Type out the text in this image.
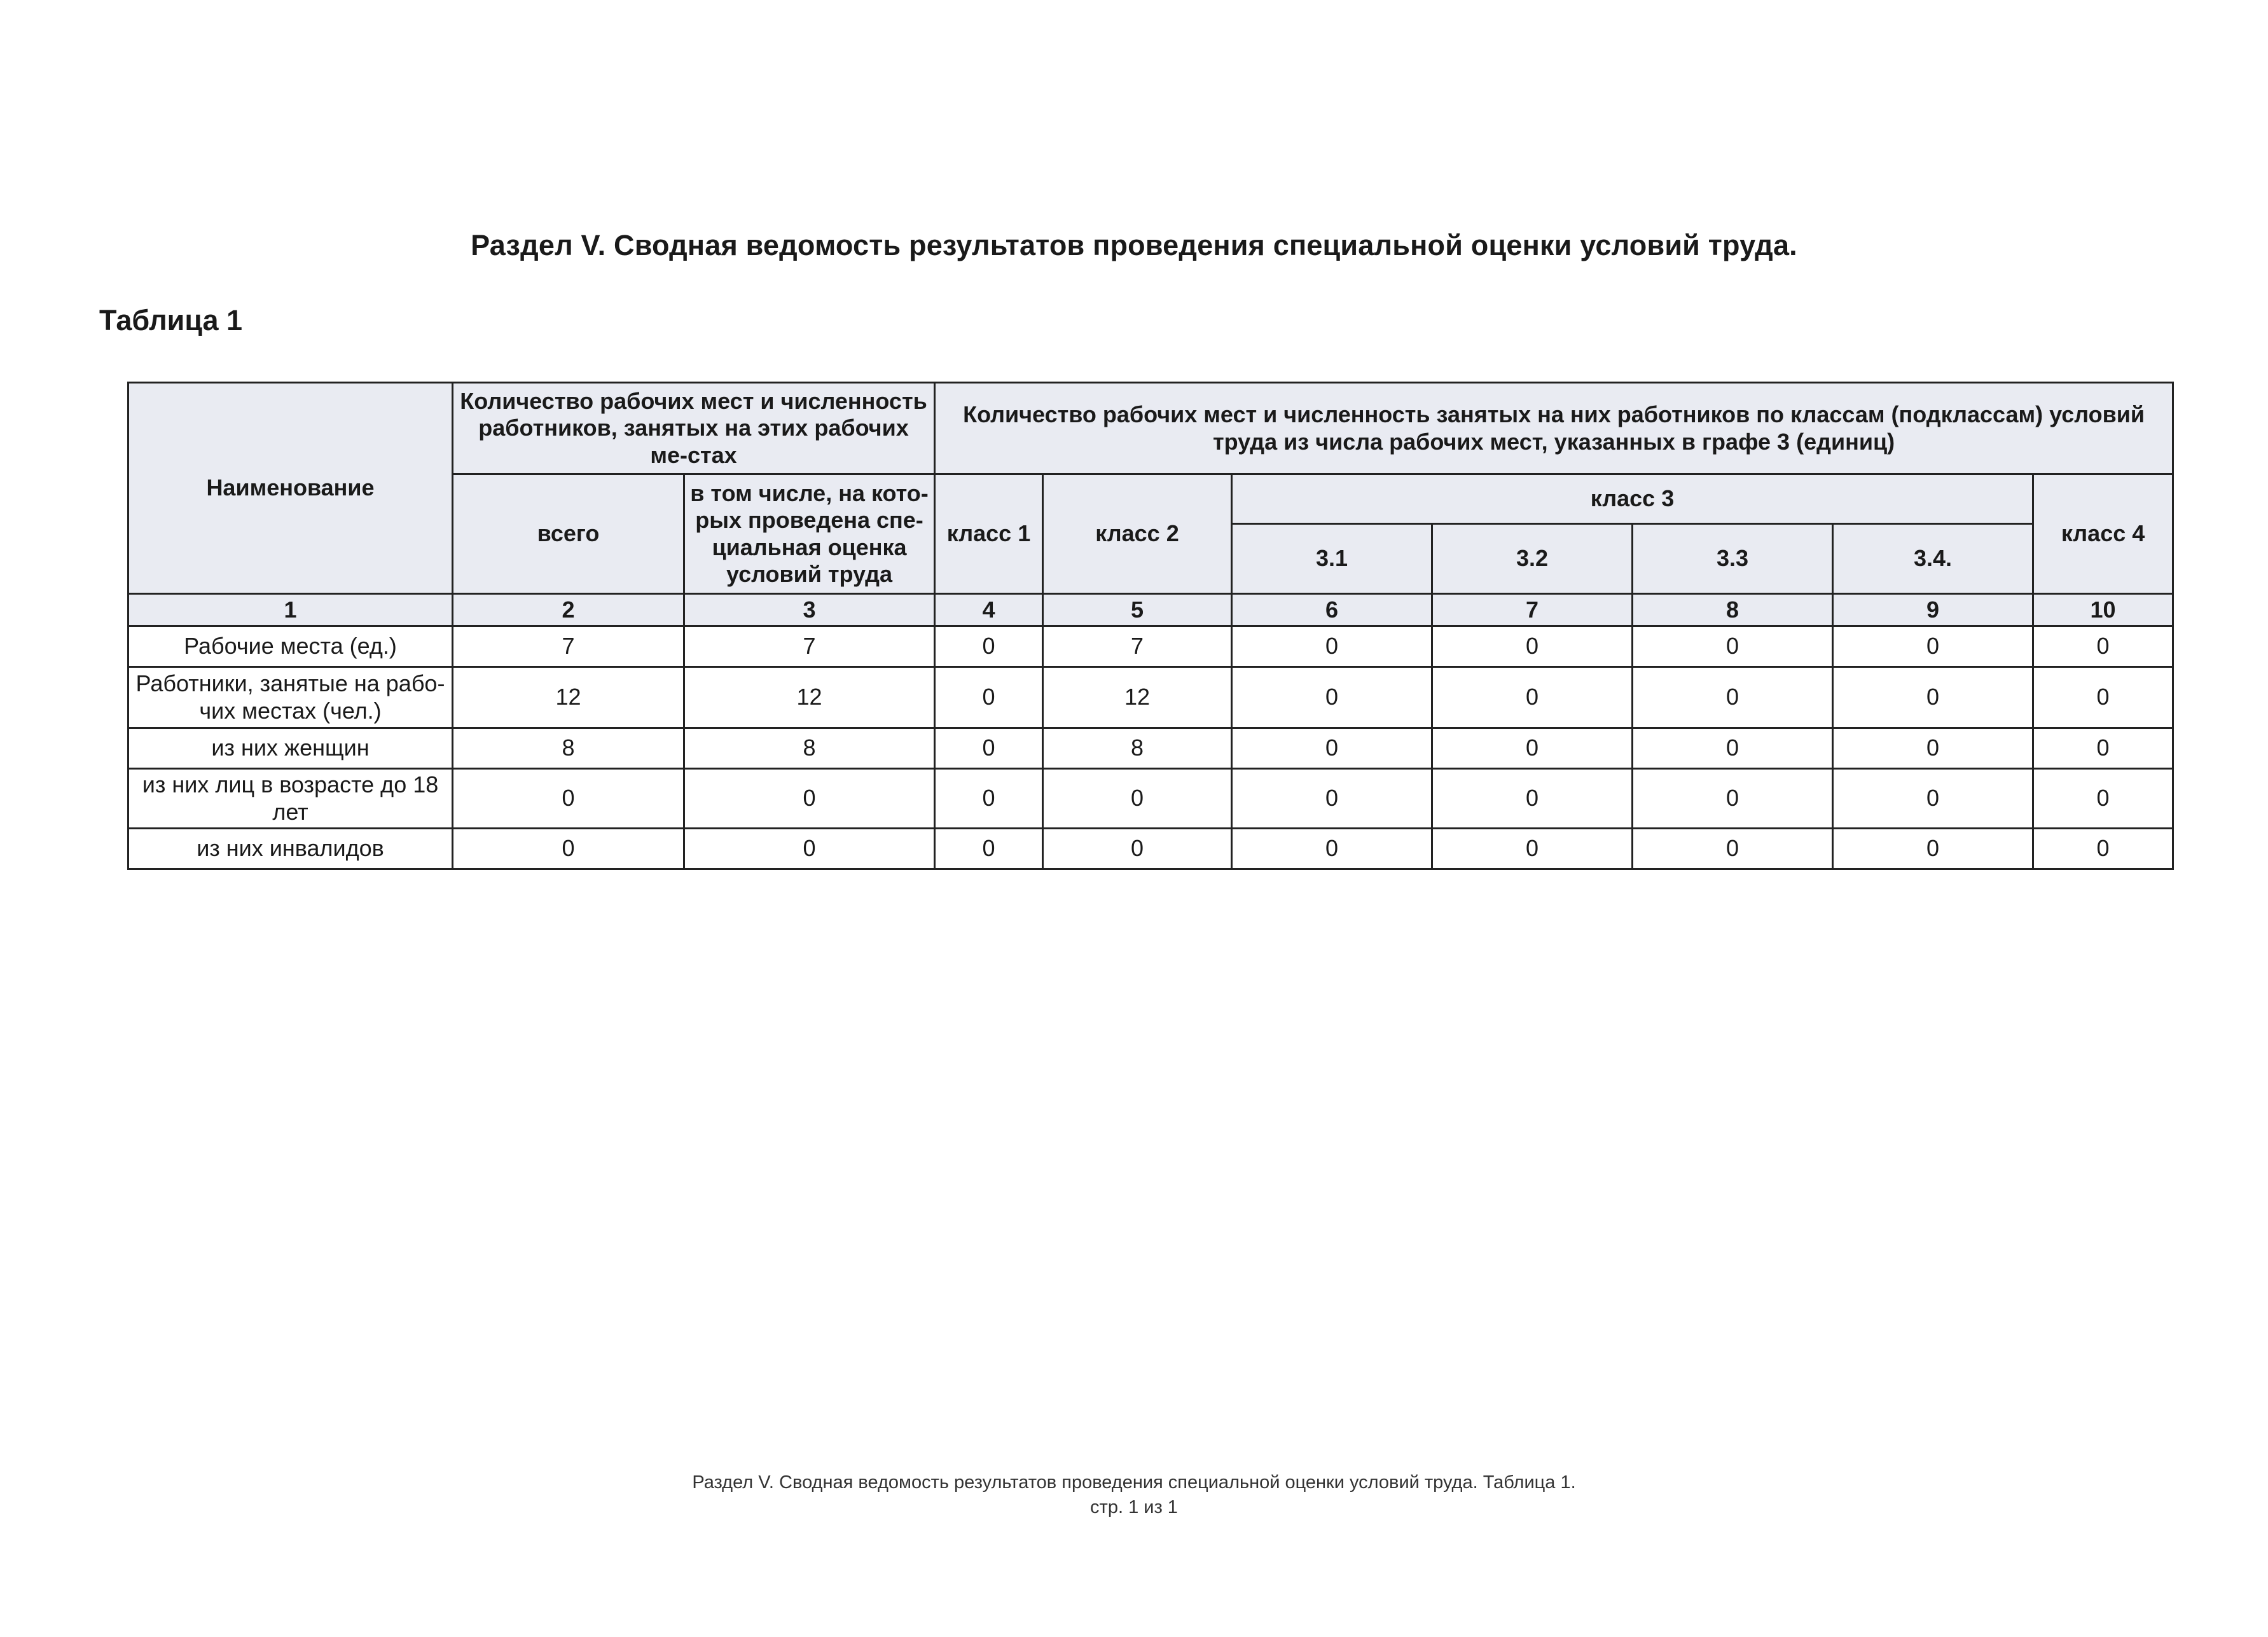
Раздел V. Сводная ведомость результатов проведения специальной оценки условий труда.
Таблица 1
Наименование	Количество рабочих мест и численность работников, занятых на этих рабочих ме-стах		Количество рабочих мест и численность занятых на них работников по классам (подклассам) условий труда из числа рабочих мест, указанных в графе 3 (единиц)						
	всего	в том числе, на кото-рых проведена спе-циальная оценка условий труда	класс 1	класс 2	класс 3				класс 4
					3.1	3.2	3.3	3.4.	
1	2	3	4	5	6	7	8	9	10
Рабочие места (ед.)	7	7	0	7	0	0	0	0	0
Работники, занятые на рабо-чих местах (чел.)	12	12	0	12	0	0	0	0	0
из них женщин	8	8	0	8	0	0	0	0	0
из них лиц в возрасте до 18 лет	0	0	0	0	0	0	0	0	0
из них инвалидов	0	0	0	0	0	0	0	0	0
Раздел V. Сводная ведомость результатов проведения специальной оценки условий труда. Таблица 1.
стр. 1 из 1
